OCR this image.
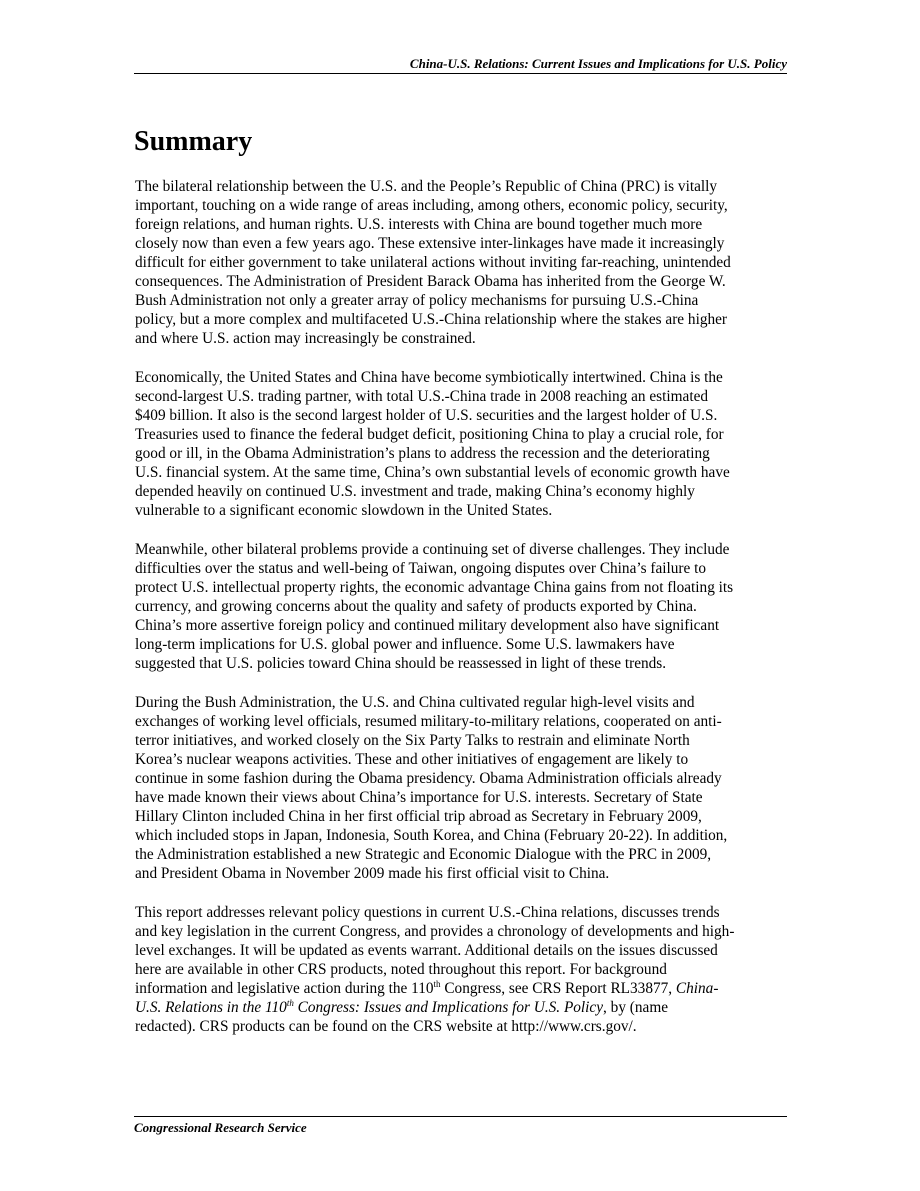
China-U.S. Relations: Current Issues and Implications for U.S. Policy
Summary

The bilateral relationship between the U.S. and the People’s Republic of China (PRC) is vitally
important, touching on a wide range of areas including, among others, economic policy, security,
foreign relations, and human rights. U.S. interests with China are bound together much more
closely now than even a few years ago. These extensive inter-linkages have made it increasingly
difficult for either government to take unilateral actions without inviting far-reaching, unintended
consequences. The Administration of President Barack Obama has inherited from the George W.
Bush Administration not only a greater array of policy mechanisms for pursuing U.S.-China
policy, but a more complex and multifaceted U.S.-China relationship where the stakes are higher
and where U.S. action may increasingly be constrained.

Economically, the United States and China have become symbiotically intertwined. China is the
second-largest U.S. trading partner, with total U.S.-China trade in 2008 reaching an estimated
$409 billion. It also is the second largest holder of U.S. securities and the largest holder of U.S.
Treasuries used to finance the federal budget deficit, positioning China to play a crucial role, for
good or ill, in the Obama Administration’s plans to address the recession and the deteriorating
U.S. financial system. At the same time, China’s own substantial levels of economic growth have
depended heavily on continued U.S. investment and trade, making China’s economy highly
vulnerable to a significant economic slowdown in the United States.

Meanwhile, other bilateral problems provide a continuing set of diverse challenges. They include
difficulties over the status and well-being of Taiwan, ongoing disputes over China’s failure to
protect U.S. intellectual property rights, the economic advantage China gains from not floating its
currency, and growing concerns about the quality and safety of products exported by China.
China’s more assertive foreign policy and continued military development also have significant
long-term implications for U.S. global power and influence. Some U.S. lawmakers have
suggested that U.S. policies toward China should be reassessed in light of these trends.

During the Bush Administration, the U.S. and China cultivated regular high-level visits and
exchanges of working level officials, resumed military-to-military relations, cooperated on anti-
terror initiatives, and worked closely on the Six Party Talks to restrain and eliminate North
Korea’s nuclear weapons activities. These and other initiatives of engagement are likely to
continue in some fashion during the Obama presidency. Obama Administration officials already
have made known their views about China’s importance for U.S. interests. Secretary of State
Hillary Clinton included China in her first official trip abroad as Secretary in February 2009,
which included stops in Japan, Indonesia, South Korea, and China (February 20-22). In addition,
the Administration established a new Strategic and Economic Dialogue with the PRC in 2009,
and President Obama in November 2009 made his first official visit to China.

This report addresses relevant policy questions in current U.S.-China relations, discusses trends
and key legislation in the current Congress, and provides a chronology of developments and high-
level exchanges. It will be updated as events warrant. Additional details on the issues discussed
here are available in other CRS products, noted throughout this report. For background
information and legislative action during the 110th Congress, see CRS Report RL33877, China-
U.S. Relations in the 110th Congress: Issues and Implications for U.S. Policy, by (name
redacted). CRS products can be found on the CRS website at http://www.crs.gov/.

Congressional Research Service
